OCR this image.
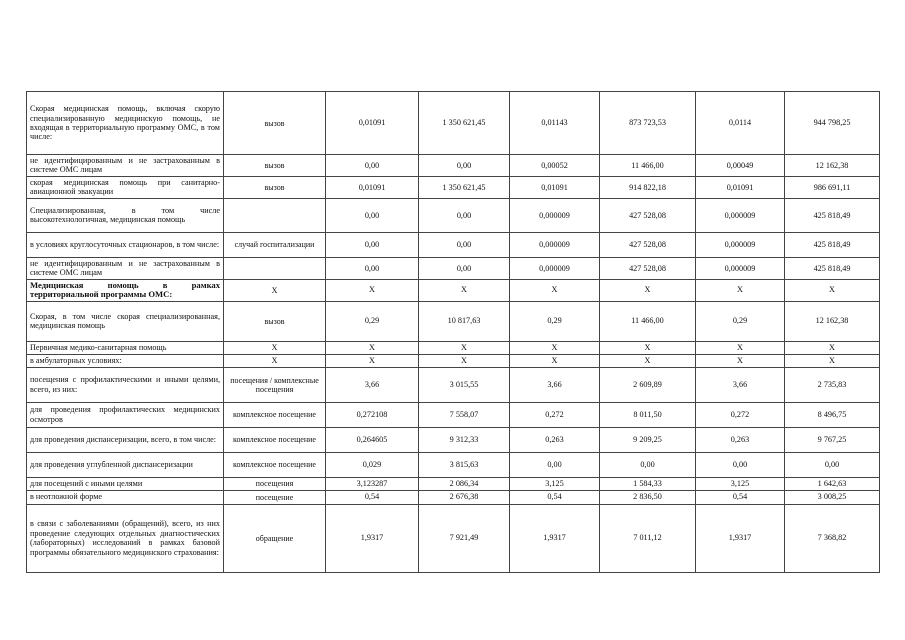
Скорая медицинская помощь, включая скорую специализированную медицинскую помощь, не входящая в территориальную программу ОМС, в том числе:	вызов	0,01091	1 350 621,45	0,01143	873 723,53	0,0114	944 798,25
не идентифицированным и не застрахованным в системе ОМС лицам	вызов	0,00	0,00	0,00052	11 466,00	0,00049	12 162,38
скорая медицинская помощь при санитарно-авиационной эвакуации	вызов	0,01091	1 350 621,45	0,01091	914 822,18	0,01091	986 691,11
Специализированная, в том числе высокотехнологичная, медицинская помощь		0,00	0,00	0,000009	427 528,08	0,000009	425 818,49
в условиях круглосуточных стационаров, в том числе:	случай госпитализации	0,00	0,00	0,000009	427 528,08	0,000009	425 818,49
не идентифицированным и не застрахованным в системе ОМС лицам		0,00	0,00	0,000009	427 528,08	0,000009	425 818,49
Медицинская помощь в рамках территориальной программы ОМС:	X	X	X	X	X	X	X
Скорая, в том числе скорая специализированная, медицинская помощь	вызов	0,29	10 817,63	0,29	11 466,00	0,29	12 162,38
Первичная медико-санитарная помощь	X	X	X	X	X	X	X
в амбулаторных условиях:	X	X	X	X	X	X	X
посещения с профилактическими и иными целями, всего, из них:	посещения / комплексные посещения	3,66	3 015,55	3,66	2 609,89	3,66	2 735,83
для проведения профилактических медицинских осмотров	комплексное посещение	0,272108	7 558,07	0,272	8 011,50	0,272	8 496,75
для проведения диспансеризации, всего, в том числе:	комплексное посещение	0,264605	9 312,33	0,263	9 209,25	0,263	9 767,25
для проведения углубленной диспансеризации	комплексное посещение	0,029	3 815,63	0,00	0,00	0,00	0,00
для посещений с иными целями	посещения	3,123287	2 086,34	3,125	1 584,33	3,125	1 642,63
в неотложной форме	посещение	0,54	2 676,38	0,54	2 836,50	0,54	3 008,25
в связи с заболеваниями (обращений), всего, из них проведение следующих отдельных диагностических (лабораторных) исследований в рамках базовой программы обязательного медицинского страхования:	обращение	1,9317	7 921,49	1,9317	7 011,12	1,9317	7 368,82
